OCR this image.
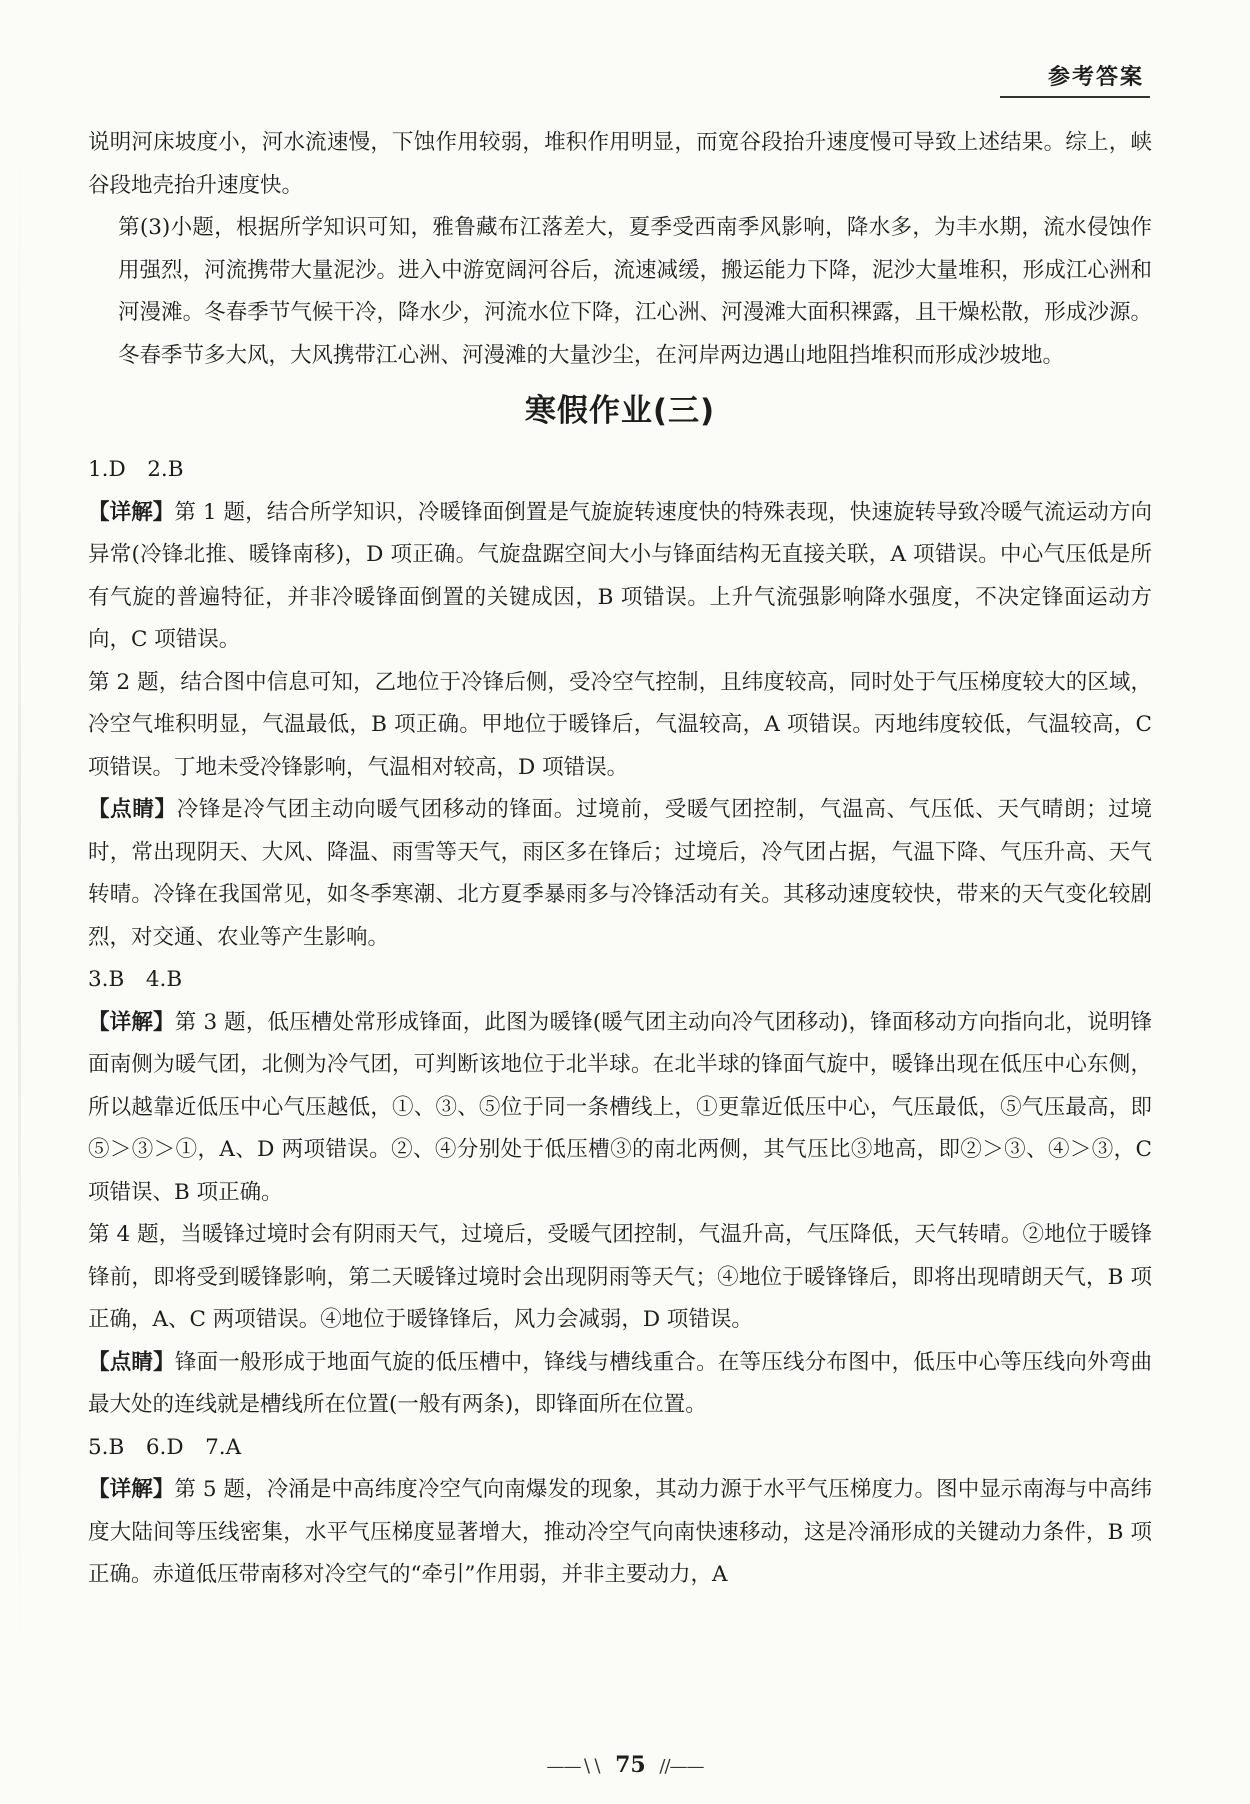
参考答案

说明河床坡度小，河水流速慢，下蚀作用较弱，堆积作用明显，而宽谷段抬升速度慢可导致上述结果。综上，峡谷段地壳抬升速度快。

第(3)小题，根据所学知识可知，雅鲁藏布江落差大，夏季受西南季风影响，降水多，为丰水期，流水侵蚀作用强烈，河流携带大量泥沙。进入中游宽阔河谷后，流速减缓，搬运能力下降，泥沙大量堆积，形成江心洲和河漫滩。冬春季节气候干冷，降水少，河流水位下降，江心洲、河漫滩大面积裸露，且干燥松散，形成沙源。冬春季节多大风，大风携带江心洲、河漫滩的大量沙尘，在河岸两边遇山地阻挡堆积而形成沙坡地。

寒假作业(三)

1.D　2.B

【详解】第 1 题，结合所学知识，冷暖锋面倒置是气旋旋转速度快的特殊表现，快速旋转导致冷暖气流运动方向异常(冷锋北推、暖锋南移)，D 项正确。气旋盘踞空间大小与锋面结构无直接关联，A 项错误。中心气压低是所有气旋的普遍特征，并非冷暖锋面倒置的关键成因，B 项错误。上升气流强影响降水强度，不决定锋面运动方向，C 项错误。

第 2 题，结合图中信息可知，乙地位于冷锋后侧，受冷空气控制，且纬度较高，同时处于气压梯度较大的区域，冷空气堆积明显，气温最低，B 项正确。甲地位于暖锋后，气温较高，A 项错误。丙地纬度较低，气温较高，C 项错误。丁地未受冷锋影响，气温相对较高，D 项错误。

【点睛】冷锋是冷气团主动向暖气团移动的锋面。过境前，受暖气团控制，气温高、气压低、天气晴朗；过境时，常出现阴天、大风、降温、雨雪等天气，雨区多在锋后；过境后，冷气团占据，气温下降、气压升高、天气转晴。冷锋在我国常见，如冬季寒潮、北方夏季暴雨多与冷锋活动有关。其移动速度较快，带来的天气变化较剧烈，对交通、农业等产生影响。

3.B　4.B

【详解】第 3 题，低压槽处常形成锋面，此图为暖锋(暖气团主动向冷气团移动)，锋面移动方向指向北，说明锋面南侧为暖气团，北侧为冷气团，可判断该地位于北半球。在北半球的锋面气旋中，暖锋出现在低压中心东侧，所以越靠近低压中心气压越低，①、③、⑤位于同一条槽线上，①更靠近低压中心，气压最低，⑤气压最高，即⑤＞③＞①，A、D 两项错误。②、④分别处于低压槽③的南北两侧，其气压比③地高，即②＞③、④＞③，C 项错误、B 项正确。

第 4 题，当暖锋过境时会有阴雨天气，过境后，受暖气团控制，气温升高，气压降低，天气转晴。②地位于暖锋锋前，即将受到暖锋影响，第二天暖锋过境时会出现阴雨等天气；④地位于暖锋锋后，即将出现晴朗天气，B 项正确，A、C 两项错误。④地位于暖锋锋后，风力会减弱，D 项错误。

【点睛】锋面一般形成于地面气旋的低压槽中，锋线与槽线重合。在等压线分布图中，低压中心等压线向外弯曲最大处的连线就是槽线所在位置(一般有两条)，即锋面所在位置。

5.B　6.D　7.A

【详解】第 5 题，冷涌是中高纬度冷空气向南爆发的现象，其动力源于水平气压梯度力。图中显示南海与中高纬度大陆间等压线密集，水平气压梯度显著增大，推动冷空气向南快速移动，这是冷涌形成的关键动力条件，B 项正确。赤道低压带南移对冷空气的“牵引”作用弱，并非主要动力，A

——∖∖ 75 //——
